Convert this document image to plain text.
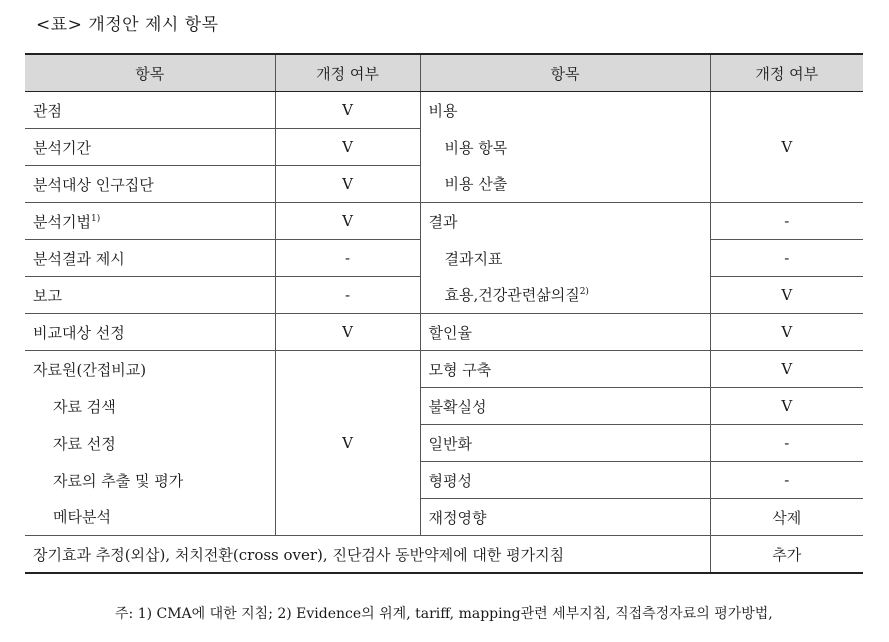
<표> 개정안 제시 항목
항목	개정 여부	항목	개정 여부
관점	V	비용	V
분석기간	V	비용 항목	
분석대상 인구집단	V	비용 산출	
분석기법$^{1)}$	V	결과	-
분석결과 제시	-	결과지표	-
보고	-	효용,건강관련삶의질$^{2)}$	V
비교대상 선정	V	할인율	V
자료원(간접비교)	V	모형 구축	V
자료 검색		불확실성	V
자료 선정		일반화	-
자료의 추출 및 평가		형평성	-
메타분석		재정영향	삭제
장기효과 추정(외삽), 처치전환(cross over), 진단검사 동반약제에 대한 평가지침			추가
주: 1) CMA에 대한 지침; 2) Evidence의 위계, tariff, mapping관련 세부지침, 직접측정자료의 평가방법,
